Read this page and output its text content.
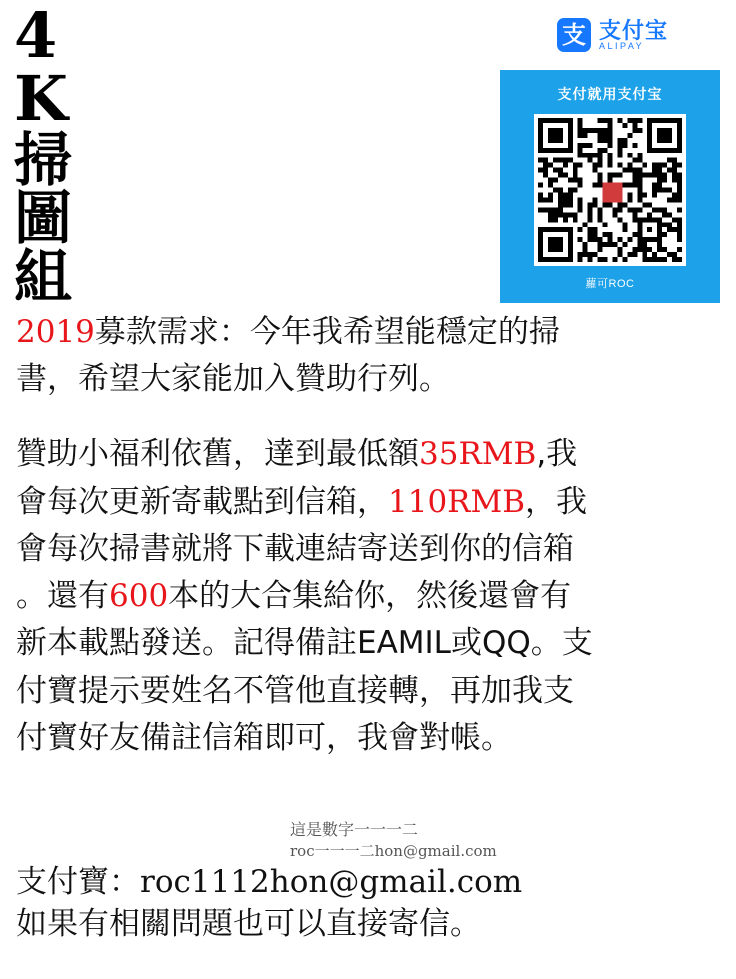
4
K
掃
圖
組
支 支付宝
ALIPAY
支付就用支付宝
蘿可ROC

2019募款需求：今年我希望能穩定的掃

書，希望大家能加入贊助行列。

贊助小福利依舊，達到最低額35RMB,我

會每次更新寄載點到信箱，110RMB，我

會每次掃書就將下載連結寄送到你的信箱

。還有600本的大合集給你，然後還會有

新本載點發送。記得備註EAMIL或QQ。支

付寶提示要姓名不管他直接轉，再加我支

付寶好友備註信箱即可，我會對帳。

這是數字一一一二
roc一一一二hon@gmail.com
支付寶：roc1112hon@gmail.com
如果有相關問題也可以直接寄信。
